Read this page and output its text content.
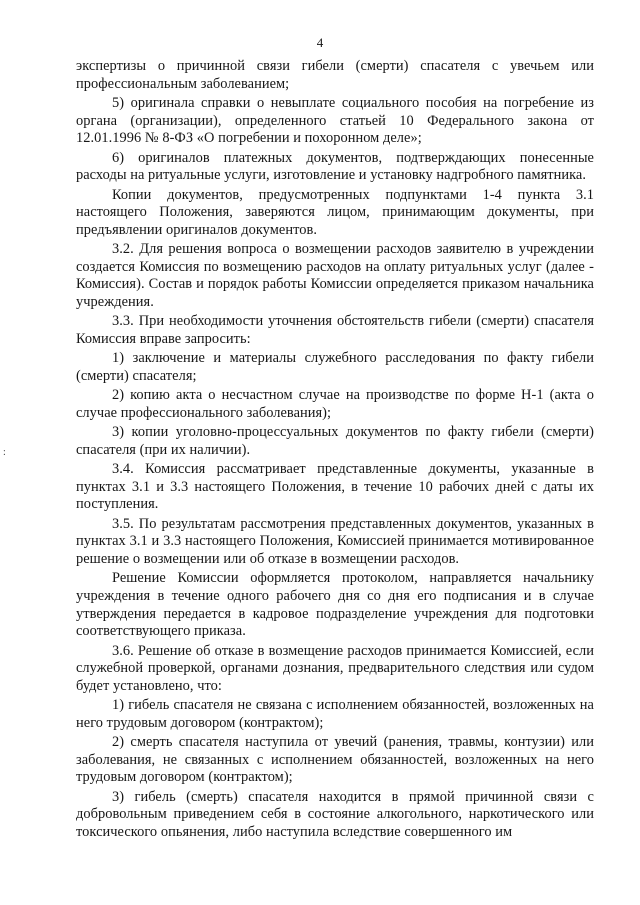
4
:

экспертизы о причинной связи гибели (смерти) спасателя с увечьем или профессиональным заболеванием;

5) оригинала справки о невыплате социального пособия на погребение из органа (организации), определенного статьей 10 Федерального закона от 12.01.1996 № 8-ФЗ «О погребении и похоронном деле»;

6) оригиналов платежных документов, подтверждающих понесенные расходы на ритуальные услуги, изготовление и установку надгробного памятника.

Копии документов, предусмотренных подпунктами 1-4 пункта 3.1 настоящего Положения, заверяются лицом, принимающим документы, при предъявлении оригиналов документов.

3.2. Для решения вопроса о возмещении расходов заявителю в учреждении создается Комиссия по возмещению расходов на оплату ритуальных услуг (далее - Комиссия). Состав и порядок работы Комиссии определяется приказом начальника учреждения.

3.3. При необходимости уточнения обстоятельств гибели (смерти) спасателя Комиссия вправе запросить:

1) заключение и материалы служебного расследования по факту гибели (смерти) спасателя;

2) копию акта о несчастном случае на производстве по форме Н-1 (акта о случае профессионального заболевания);

3) копии уголовно-процессуальных документов по факту гибели (смерти) спасателя (при их наличии).

3.4. Комиссия рассматривает представленные документы, указанные в пунктах 3.1 и 3.3 настоящего Положения, в течение 10 рабочих дней с даты их поступления.

3.5. По результатам рассмотрения представленных документов, указанных в пунктах 3.1 и 3.3 настоящего Положения, Комиссией принимается мотивированное решение о возмещении или об отказе в возмещении расходов.

Решение Комиссии оформляется протоколом, направляется начальнику учреждения в течение одного рабочего дня со дня его подписания и в случае утверждения передается в кадровое подразделение учреждения для подготовки соответствующего приказа.

3.6. Решение об отказе в возмещение расходов принимается Комиссией, если служебной проверкой, органами дознания, предварительного следствия или судом будет установлено, что:

1) гибель спасателя не связана с исполнением обязанностей, возложенных на него трудовым договором (контрактом);

2) смерть спасателя наступила от увечий (ранения, травмы, контузии) или заболевания, не связанных с исполнением обязанностей, возложенных на него трудовым договором (контрактом);

3) гибель (смерть) спасателя находится в прямой причинной связи с добровольным приведением себя в состояние алкогольного, наркотического или токсического опьянения, либо наступила вследствие совершенного им
